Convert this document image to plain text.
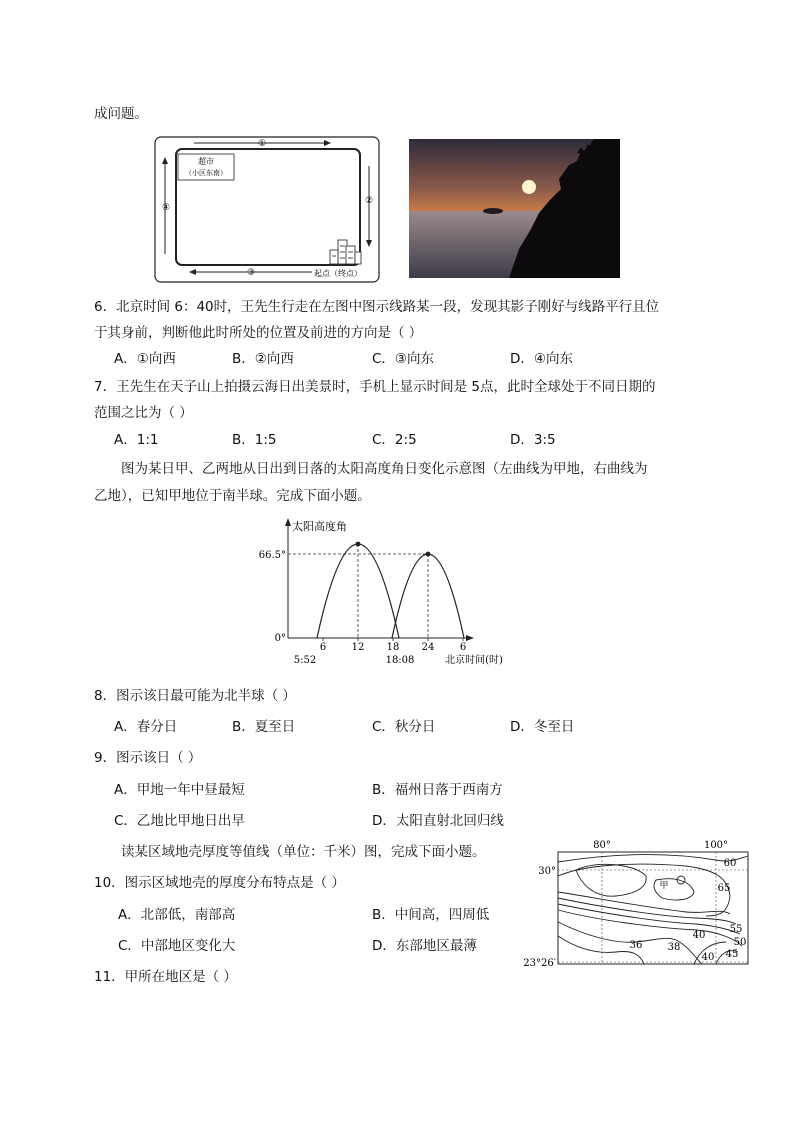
成问题。
超市
（小区东南）
①
②
③
④
起点（终点）
6．北京时间 6：40时，王先生行走在左图中图示线路某一段，发现其影子刚好与线路平行且位
于其身前，判断他此时所处的位置及前进的方向是（ ）
A．①向西	B．②向西	C．③向东	D．④向东
7．王先生在天子山上拍摄云海日出美景时，手机上显示时间是 5点，此时全球处于不同日期的
范围之比为（ ）
A．1:1	B．1:5	C．2:5	D．3:5
图为某日甲、乙两地从日出到日落的太阳高度角日变化示意图（左曲线为甲地，右曲线为
乙地），已知甲地位于南半球。完成下面小题。
太阳高度角
66.5°
0°
6	12 18 24	6
5:52	18:08	北京时间(时)
8．图示该日最可能为北半球（ ）
A．春分日	B．夏至日	C．秋分日	D．冬至日
9．图示该日（ ）
A．甲地一年中昼最短	B．福州日落于西南方
C．乙地比甲地日出早	D．太阳直射北回归线
读某区域地壳厚度等值线（单位：千米）图，完成下面小题。
10．图示区域地壳的厚度分布特点是（ ）
A．北部低，南部高	B．中间高，四周低
C．中部地区变化大	D．东部地区最薄
11．甲所在地区是（ ）
80°	100°
30°
23°26′
甲
60
65
55
50
45
40
40
38
36
